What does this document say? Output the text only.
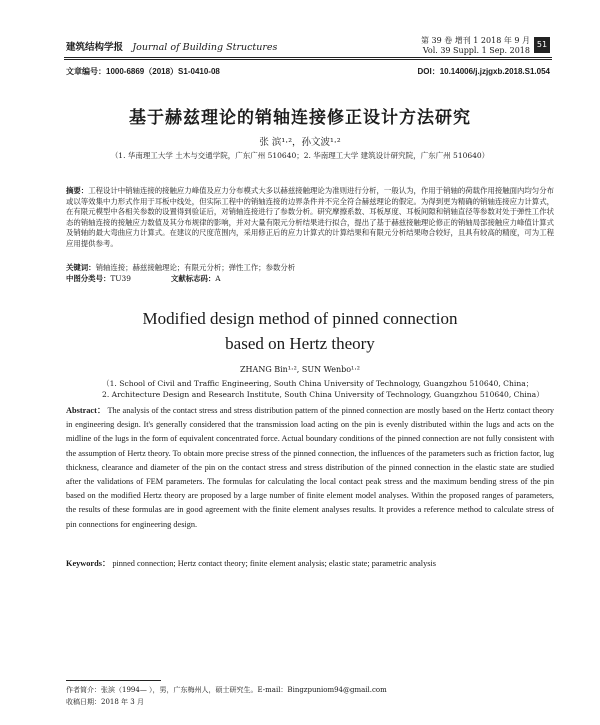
建筑结构学报 Journal of Building Structures
第 39 卷 增刊 1 2018 年 9 月
Vol. 39 Suppl. 1 Sep. 2018
51
文章编号：1000-6869（2018）S1-0410-08	DOI：10.14006/j.jzjgxb.2018.S1.054
基于赫兹理论的销轴连接修正设计方法研究
张 滨¹·²，孙文波¹·²
（1. 华南理工大学 土木与交通学院，广东广州 510640；2. 华南理工大学 建筑设计研究院，广东广州 510640）
摘要：工程设计中销轴连接的接触应力峰值及应力分布模式大多以赫兹接触理论为准则进行分析，一般认为，作用于销轴的荷载作用接触面内均匀分布或以等效集中力形式作用于耳板中线处，但实际工程中的销轴连接的边界条件并不完全符合赫兹理论的假定。为得到更为精确的销轴连接应力计算式，在有限元模型中各相关参数的设置得到验证后，对销轴连接进行了参数分析。研究摩擦系数、耳板厚度、耳板间隙和销轴直径等参数对处于弹性工作状态的销轴连接的接触应力数值及其分布规律的影响，并对大量有限元分析结果进行拟合，提出了基于赫兹接触理论修正的销轴局部接触应力峰值计算式及销轴的最大弯曲应力计算式。在建议的尺度范围内，采用修正后的应力计算式的计算结果和有限元分析结果吻合较好，且具有较高的精度，可为工程应用提供参考。
关键词：销轴连接；赫兹接触理论；有限元分析；弹性工作；参数分析
中图分类号：TU39	文献标志码：A
Modified design method of pinned connection
based on Hertz theory
ZHANG Bin¹·², SUN Wenbo¹·²
（1. School of Civil and Traffic Engineering, South China University of Technology, Guangzhou 510640, China；
2. Architecture Design and Research Institute, South China University of Technology, Guangzhou 510640, China）
Abstract： The analysis of the contact stress and stress distribution pattern of the pinned connection are mostly based on the Hertz contact theory in engineering design. It's generally considered that the transmission load acting on the pin is evenly distributed within the lugs and acts on the midline of the lugs in the form of equivalent concentrated force. Actual boundary conditions of the pinned connection are not fully consistent with the assumption of Hertz theory. To obtain more precise stress of the pinned connection, the influences of the parameters such as friction factor, lug thickness, clearance and diameter of the pin on the contact stress and stress distribution of the pinned connection in the elastic state are studied after the validations of FEM parameters. The formulas for calculating the local contact peak stress and the maximum bending stress of the pin based on the modified Hertz theory are proposed by a large number of finite element model analyses. Within the proposed ranges of parameters, the results of these formulas are in good agreement with the finite element analyses results. It provides a reference method to calculate stress of pin connections for engineering design.
Keywords： pinned connection; Hertz contact theory; finite element analysis; elastic state; parametric analysis
作者简介：张滨（1994— ），男，广东梅州人，硕士研究生。E-mail：Bingzpuniom94@gmail.com
收稿日期：2018 年 3 月
